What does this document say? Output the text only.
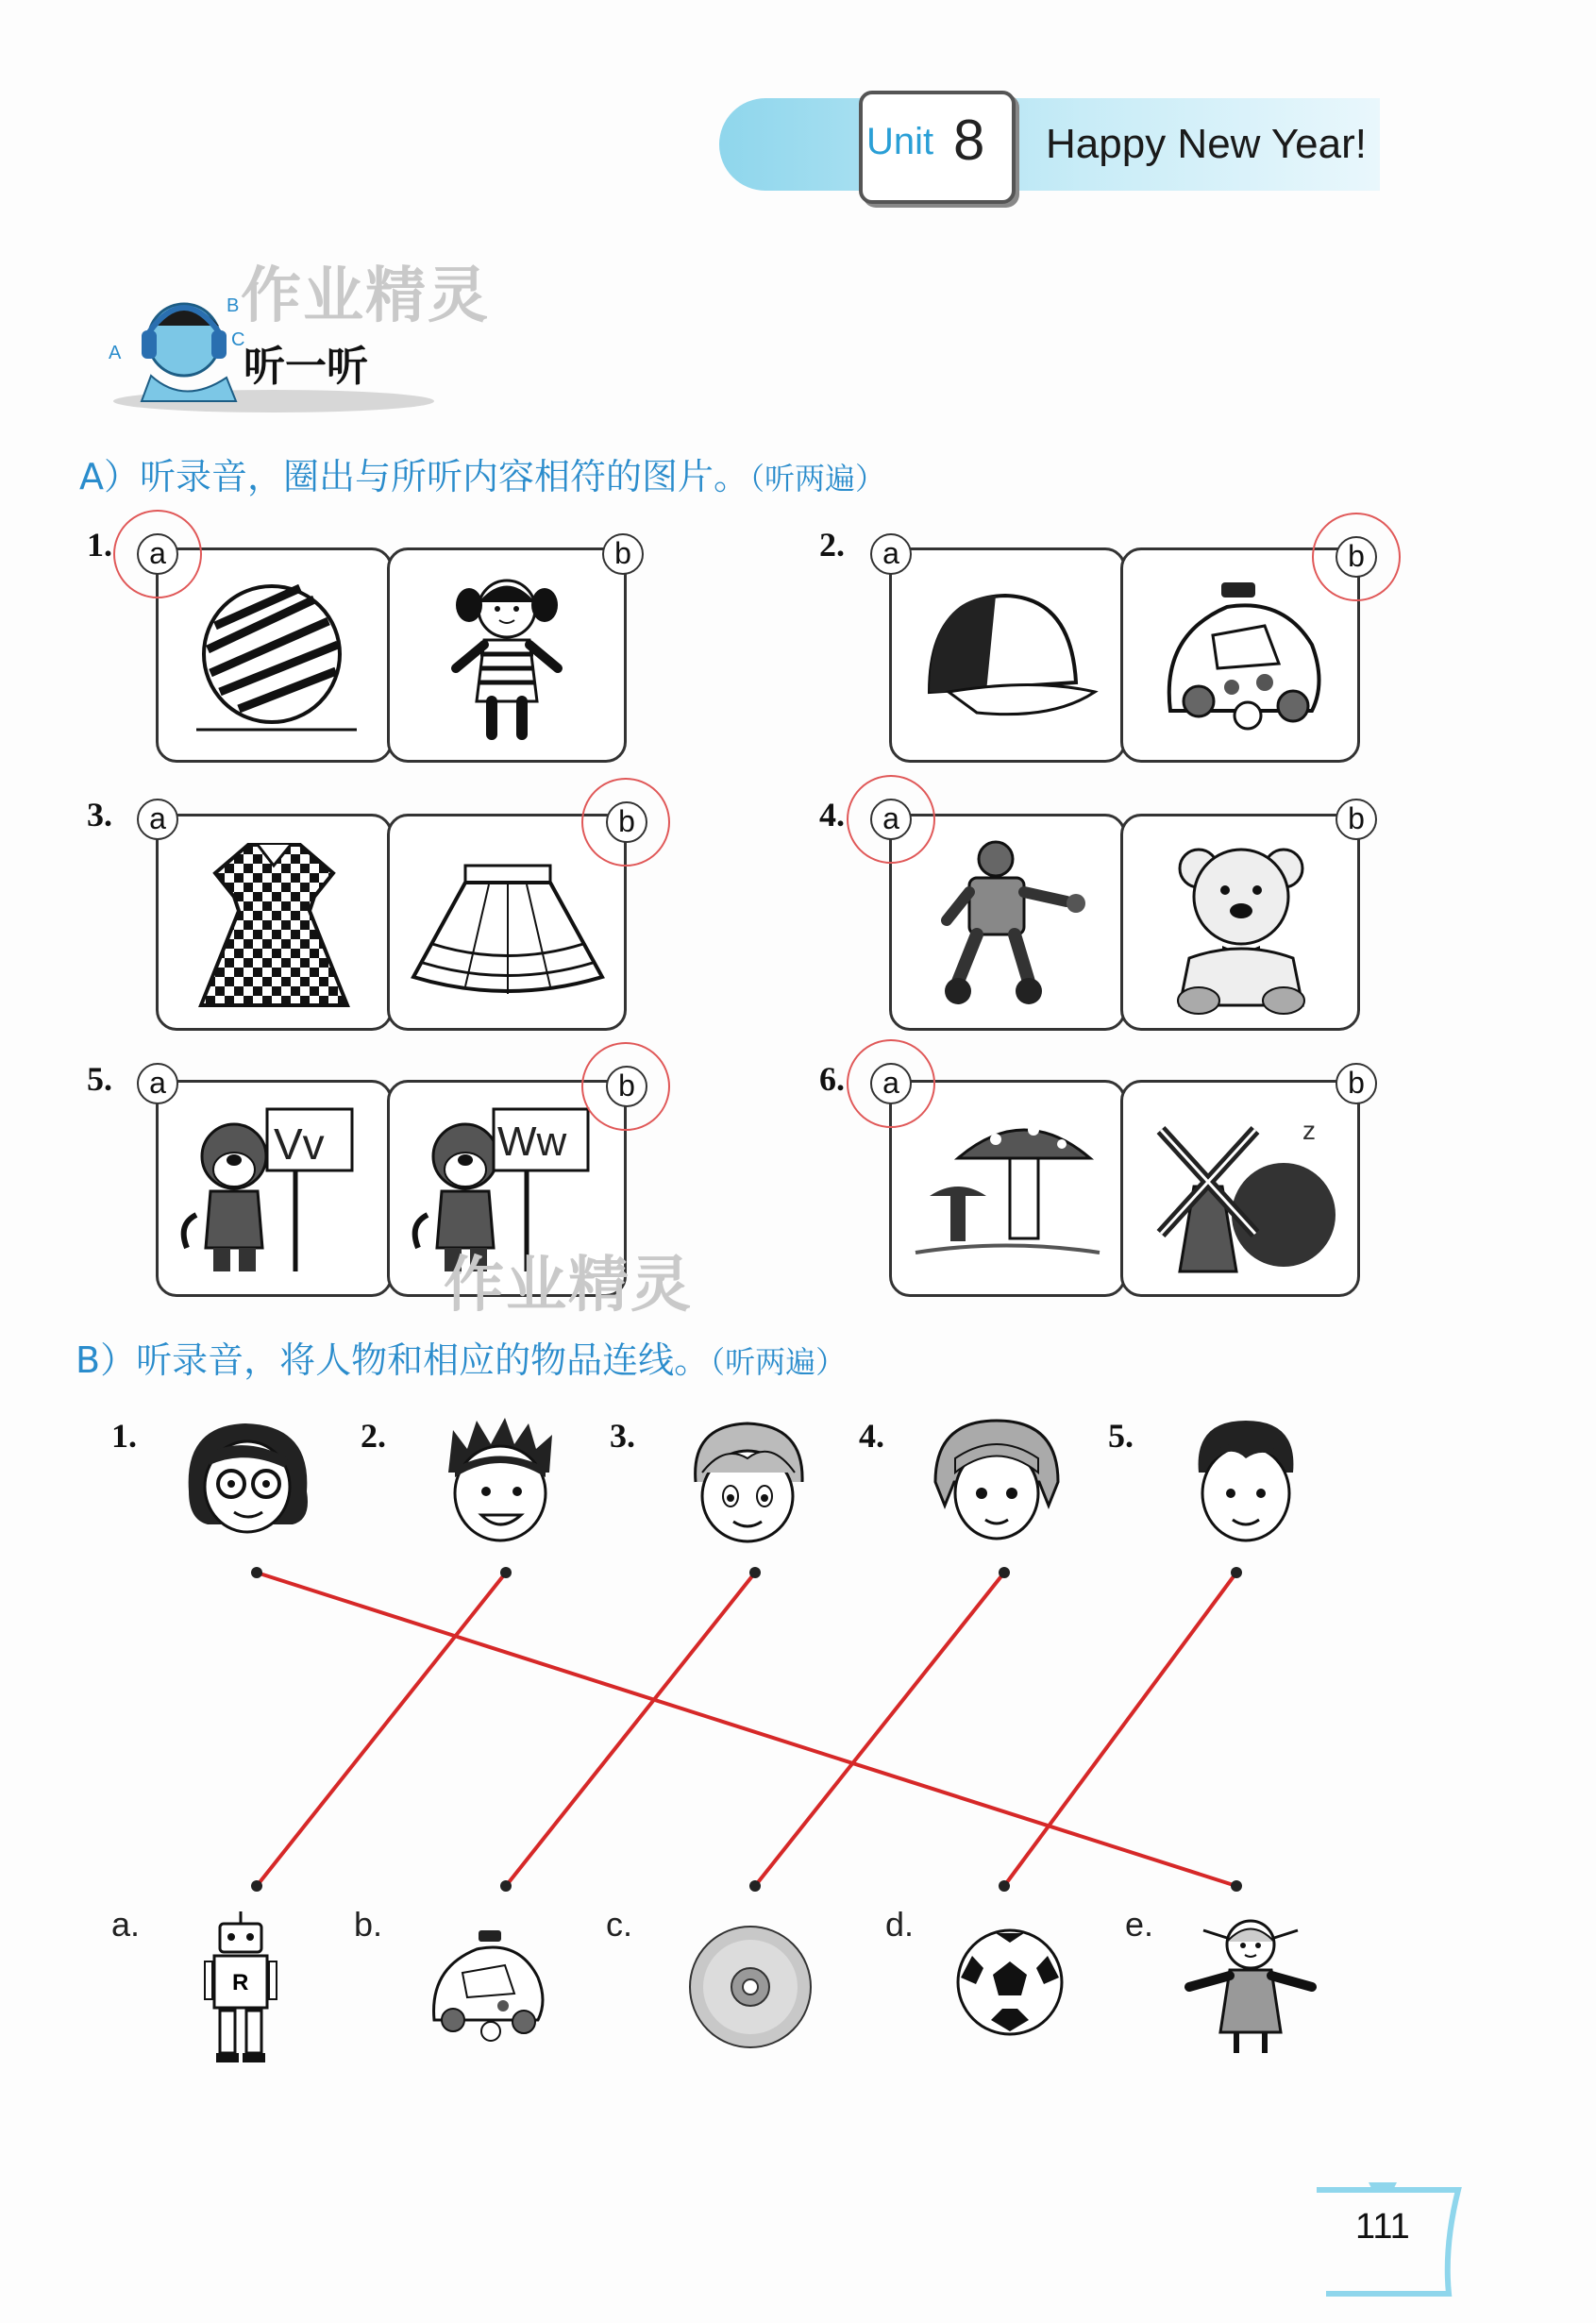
Unit 8 Happy New Year!
A
B
C
作业精灵
听一听
A）听录音，圈出与所听内容相符的图片。（听两遍）
1.	a	b	2.	a	b
3.	a	b	4.	a	b
5.
Vv	Ww
a	b
作业精灵
6.
z
a	b
B）听录音，将人物和相应的物品连线。（听两遍）
1.	2.	3.	4.	5.
a.	b.	c.	d.	e.
R
111
